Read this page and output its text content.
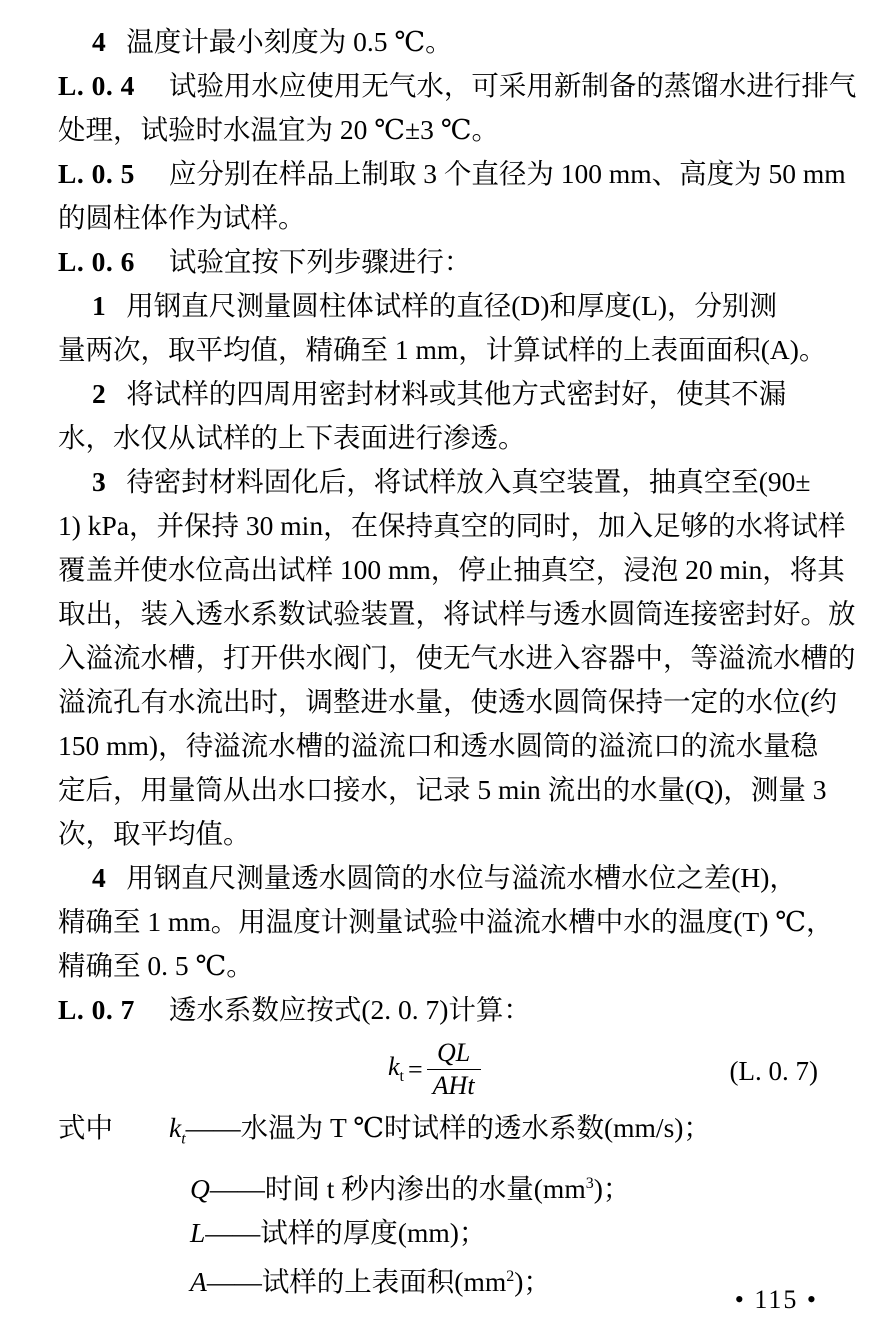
4 温度计最小刻度为 0.5 ℃。
L. 0. 4 试验用水应使用无气水，可采用新制备的蒸馏水进行排气
处理，试验时水温宜为 20 ℃±3 ℃。
L. 0. 5 应分别在样品上制取 3 个直径为 100 mm、高度为 50 mm
的圆柱体作为试样。
L. 0. 6 试验宜按下列步骤进行：
1 用钢直尺测量圆柱体试样的直径(D)和厚度(L)，分别测
量两次，取平均值，精确至 1 mm，计算试样的上表面面积(A)。
2 将试样的四周用密封材料或其他方式密封好，使其不漏
水，水仅从试样的上下表面进行渗透。
3 待密封材料固化后，将试样放入真空装置，抽真空至(90±
1) kPa，并保持 30 min，在保持真空的同时，加入足够的水将试样
覆盖并使水位高出试样 100 mm，停止抽真空，浸泡 20 min，将其
取出，装入透水系数试验装置，将试样与透水圆筒连接密封好。放
入溢流水槽，打开供水阀门，使无气水进入容器中，等溢流水槽的
溢流孔有水流出时，调整进水量，使透水圆筒保持一定的水位(约
150 mm)，待溢流水槽的溢流口和透水圆筒的溢流口的流水量稳
定后，用量筒从出水口接水，记录 5 min 流出的水量(Q)，测量 3
次，取平均值。
4 用钢直尺测量透水圆筒的水位与溢流水槽水位之差(H)，
精确至 1 mm。用温度计测量试验中溢流水槽中水的温度(T) ℃，
精确至 0. 5 ℃。
L. 0. 7 透水系数应按式(2. 0. 7)计算：
$k_t = \frac{QL}{\text{AHt}}$	(L. 0. 7)
式中 $k_t——$水温为 T ℃时试样的透水系数(mm/s)；
Q——时间 t 秒内渗出的水量$(mm^3)$；
L——试样的厚度(mm)；
A——试样的上表面积$(mm^2)$；
• 115 •
